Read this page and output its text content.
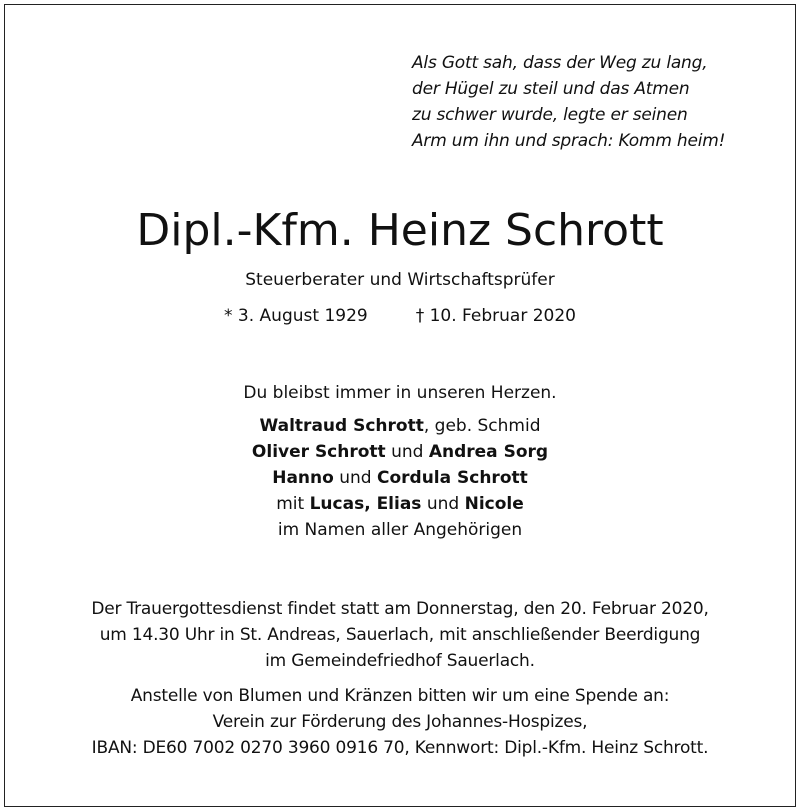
Als Gott sah, dass der Weg zu lang,
der Hügel zu steil und das Atmen
zu schwer wurde, legte er seinen
Arm um ihn und sprach: Komm heim!
Dipl.-Kfm. Heinz Schrott
Steuerberater und Wirtschaftsprüfer
* 3. August 1929	† 10. Februar 2020
Du bleibst immer in unseren Herzen.
Waltraud Schrott, geb. Schmid
Oliver Schrott und Andrea Sorg
Hanno und Cordula Schrott
mit Lucas, Elias und Nicole
im Namen aller Angehörigen
Der Trauergottesdienst findet statt am Donnerstag, den 20. Februar 2020,
um 14.30 Uhr in St. Andreas, Sauerlach, mit anschließender Beerdigung
im Gemeindefriedhof Sauerlach.
Anstelle von Blumen und Kränzen bitten wir um eine Spende an:
Verein zur Förderung des Johannes-Hospizes,
IBAN: DE60 7002 0270 3960 0916 70, Kennwort: Dipl.-Kfm. Heinz Schrott.
